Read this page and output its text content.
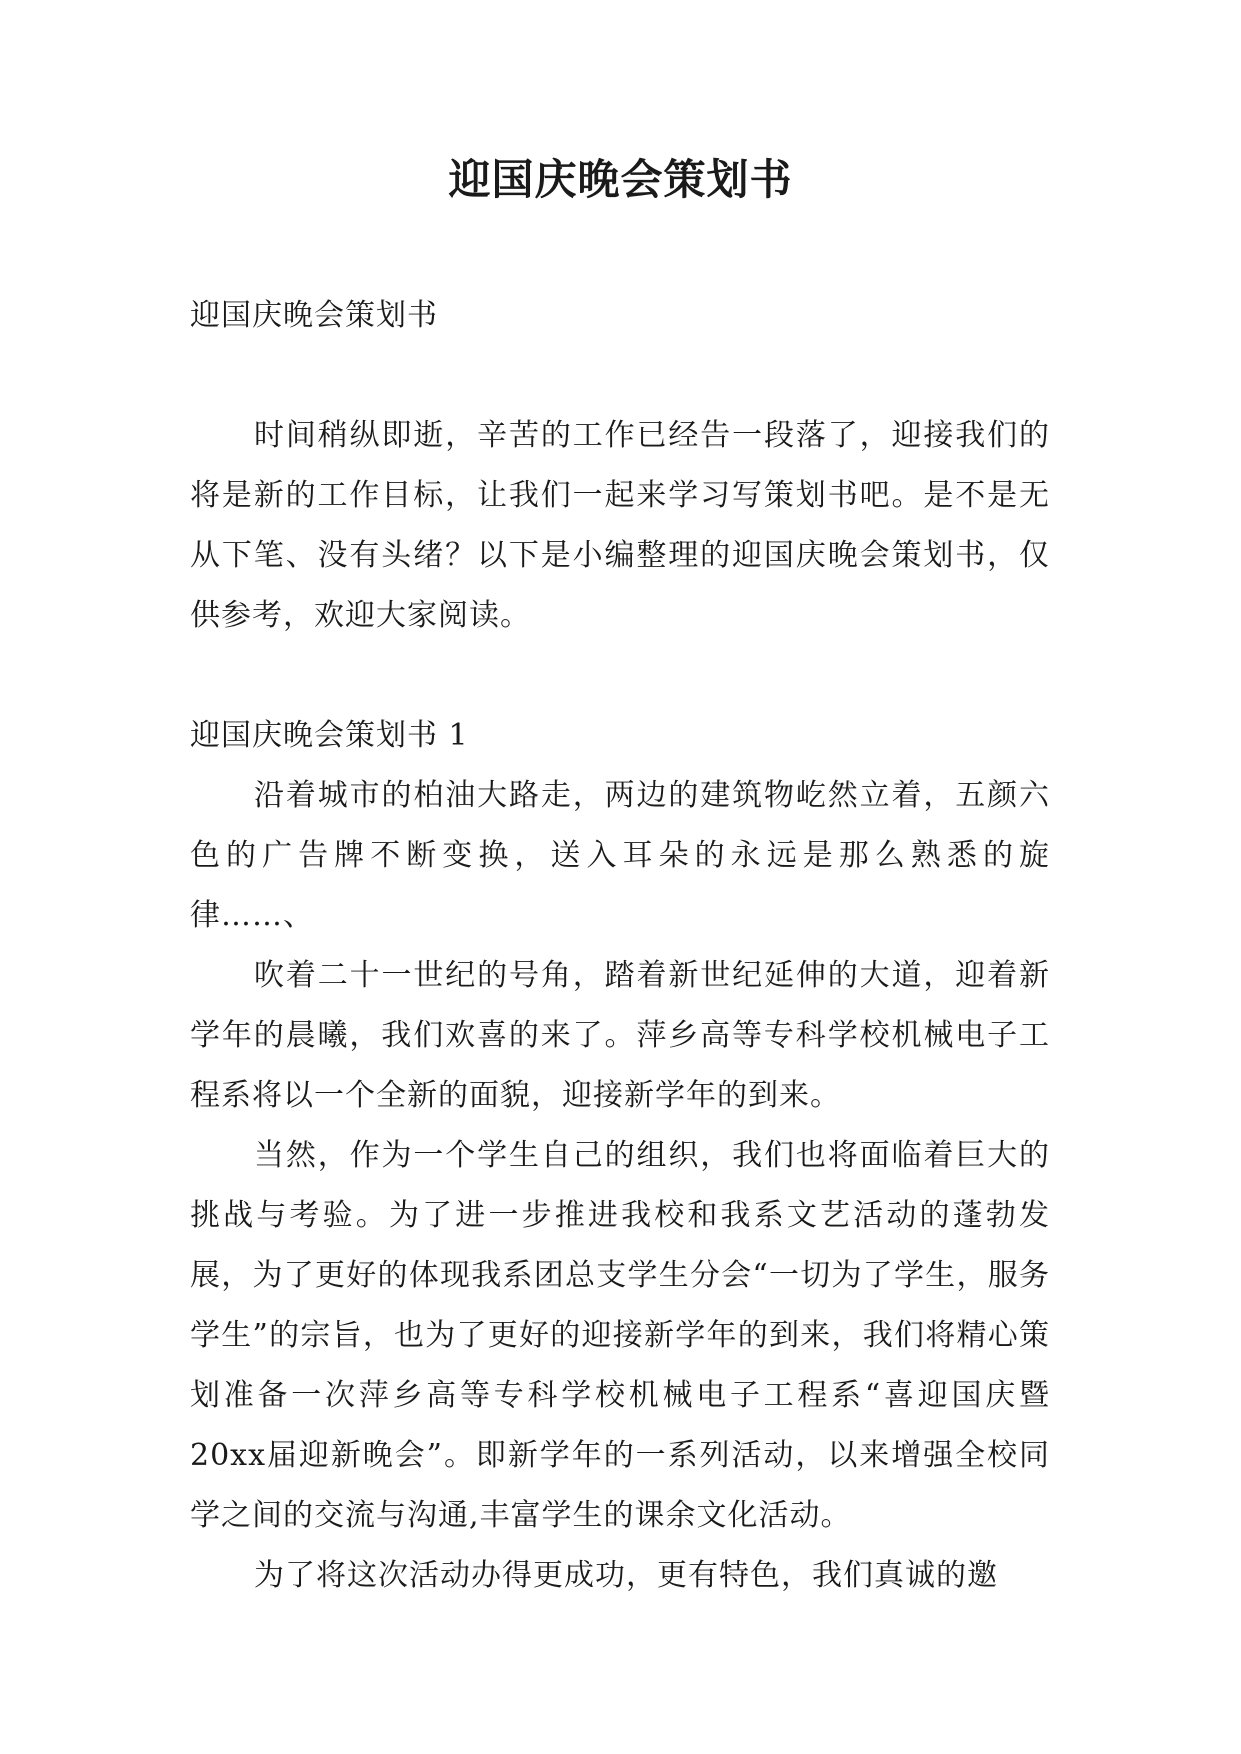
迎国庆晚会策划书

迎国庆晚会策划书

时间稍纵即逝，辛苦的工作已经告一段落了，迎接我们的将是新的工作目标，让我们一起来学习写策划书吧。是不是无从下笔、没有头绪？以下是小编整理的迎国庆晚会策划书，仅供参考，欢迎大家阅读。

迎国庆晚会策划书 1

沿着城市的柏油大路走，两边的建筑物屹然立着，五颜六色的广告牌不断变换，送入耳朵的永远是那么熟悉的旋律……、

吹着二十一世纪的号角，踏着新世纪延伸的大道，迎着新学年的晨曦，我们欢喜的来了。萍乡高等专科学校机械电子工程系将以一个全新的面貌，迎接新学年的到来。

当然，作为一个学生自己的组织，我们也将面临着巨大的挑战与考验。为了进一步推进我校和我系文艺活动的蓬勃发展，为了更好的体现我系团总支学生分会“一切为了学生，服务学生”的宗旨，也为了更好的迎接新学年的到来，我们将精心策划准备一次萍乡高等专科学校机械电子工程系“喜迎国庆暨20xx届迎新晚会”。即新学年的一系列活动，以来增强全校同学之间的交流与沟通,丰富学生的课余文化活动。

为了将这次活动办得更成功，更有特色，我们真诚的邀
